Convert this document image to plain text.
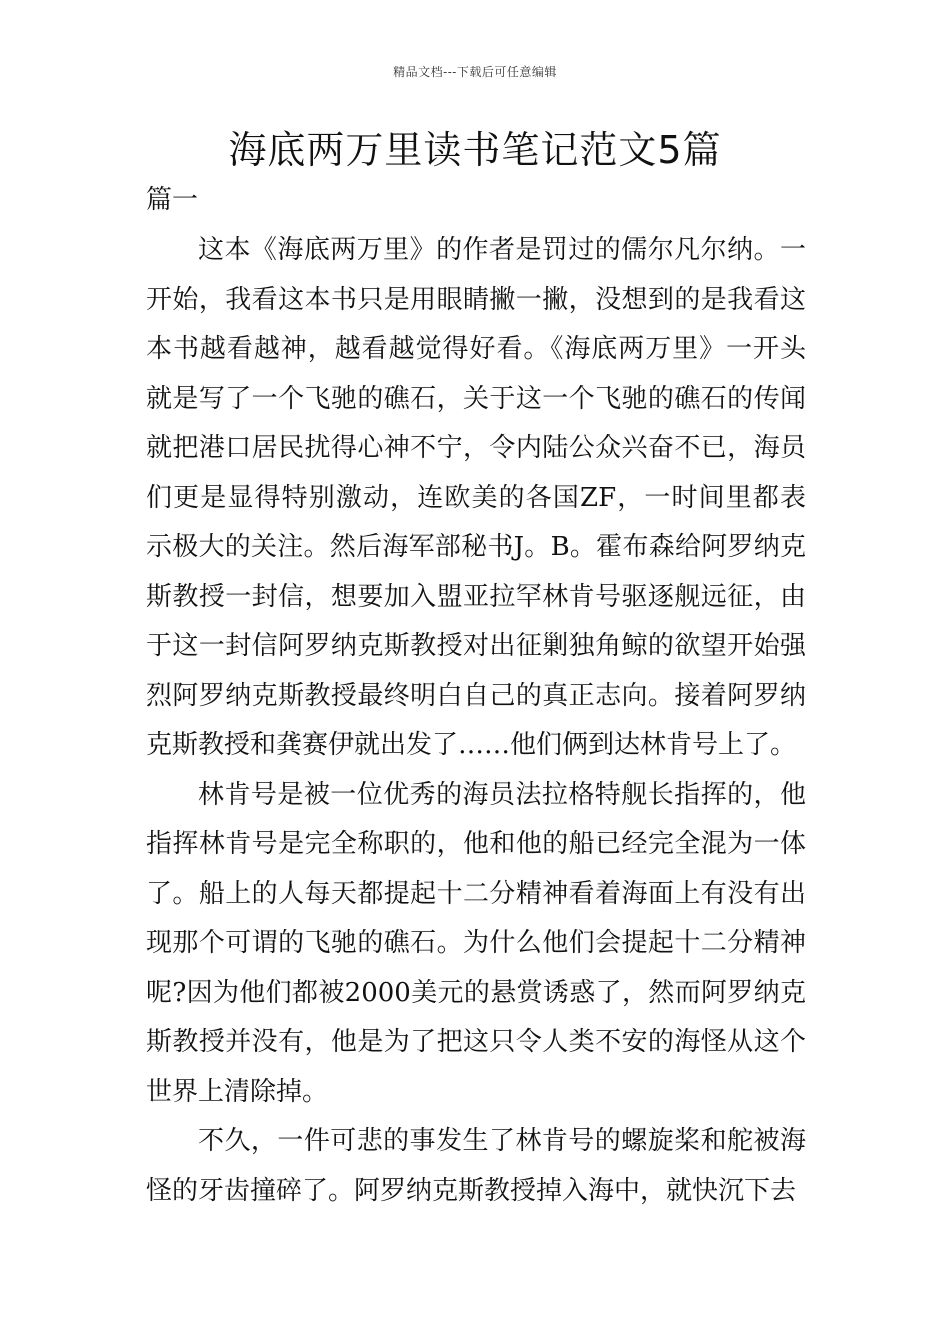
精品文档---下载后可任意编辑
海底两万里读书笔记范文5篇
篇一

这本《海底两万里》的作者是罚过的儒尔凡尔纳。一开始，我看这本书只是用眼睛撇一撇，没想到的是我看这本书越看越神，越看越觉得好看。《海底两万里》一开头就是写了一个飞驰的礁石，关于这一个飞驰的礁石的传闻就把港口居民扰得心神不宁，令内陆公众兴奋不已，海员们更是显得特别激动，连欧美的各国ZF，一时间里都表示极大的关注。然后海军部秘书J。B。霍布森给阿罗纳克斯教授一封信，想要加入盟亚拉罕林肯号驱逐舰远征，由于这一封信阿罗纳克斯教授对出征剿独角鲸的欲望开始强烈阿罗纳克斯教授最终明白自己的真正志向。接着阿罗纳克斯教授和龚赛伊就出发了……他们俩到达林肯号上了。

林肯号是被一位优秀的海员法拉格特舰长指挥的，他指挥林肯号是完全称职的，他和他的船已经完全混为一体了。船上的人每天都提起十二分精神看着海面上有没有出现那个可谓的飞驰的礁石。为什么他们会提起十二分精神呢?因为他们都被2000美元的悬赏诱惑了，然而阿罗纳克斯教授并没有，他是为了把这只令人类不安的海怪从这个世界上清除掉。

不久，一件可悲的事发生了林肯号的螺旋桨和舵被海怪的牙齿撞碎了。阿罗纳克斯教授掉入海中，就快沉下去
